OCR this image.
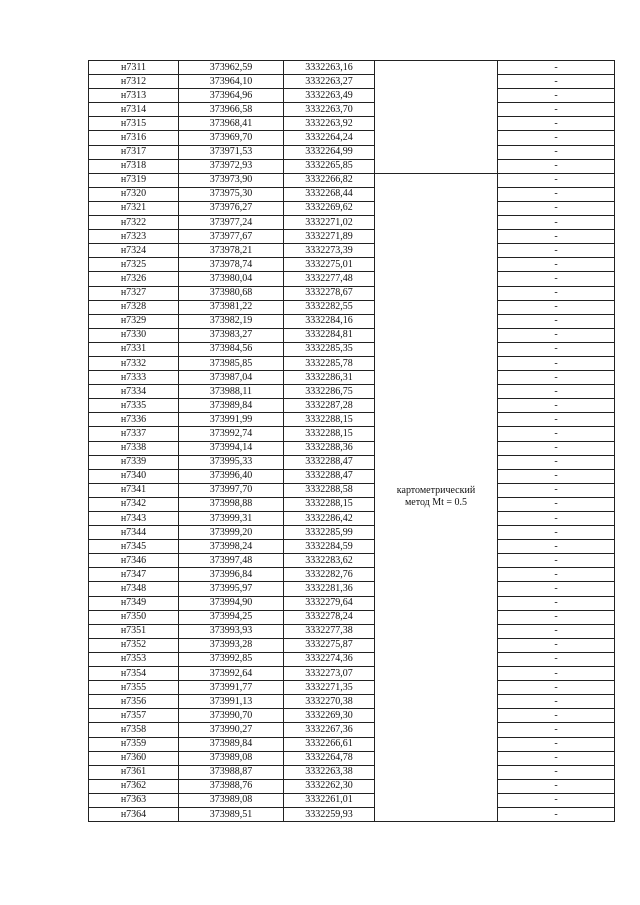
н7311	373962,59	3332263,16		-
н7312	373964,10	3332263,27		-
н7313	373964,96	3332263,49		-
н7314	373966,58	3332263,70		-
н7315	373968,41	3332263,92		-
н7316	373969,70	3332264,24		-
н7317	373971,53	3332264,99		-
н7318	373972,93	3332265,85		-
н7319	373973,90	3332266,82	картометрический
метод Mt = 0.5	-
н7320	373975,30	3332268,44		-
н7321	373976,27	3332269,62		-
н7322	373977,24	3332271,02		-
н7323	373977,67	3332271,89		-
н7324	373978,21	3332273,39		-
н7325	373978,74	3332275,01		-
н7326	373980,04	3332277,48		-
н7327	373980,68	3332278,67		-
н7328	373981,22	3332282,55		-
н7329	373982,19	3332284,16		-
н7330	373983,27	3332284,81		-
н7331	373984,56	3332285,35		-
н7332	373985,85	3332285,78		-
н7333	373987,04	3332286,31		-
н7334	373988,11	3332286,75		-
н7335	373989,84	3332287,28		-
н7336	373991,99	3332288,15		-
н7337	373992,74	3332288,15		-
н7338	373994,14	3332288,36		-
н7339	373995,33	3332288,47		-
н7340	373996,40	3332288,47		-
н7341	373997,70	3332288,58		-
н7342	373998,88	3332288,15		-
н7343	373999,31	3332286,42		-
н7344	373999,20	3332285,99		-
н7345	373998,24	3332284,59		-
н7346	373997,48	3332283,62		-
н7347	373996,84	3332282,76		-
н7348	373995,97	3332281,36		-
н7349	373994,90	3332279,64		-
н7350	373994,25	3332278,24		-
н7351	373993,93	3332277,38		-
н7352	373993,28	3332275,87		-
н7353	373992,85	3332274,36		-
н7354	373992,64	3332273,07		-
н7355	373991,77	3332271,35		-
н7356	373991,13	3332270,38		-
н7357	373990,70	3332269,30		-
н7358	373990,27	3332267,36		-
н7359	373989,84	3332266,61		-
н7360	373989,08	3332264,78		-
н7361	373988,87	3332263,38		-
н7362	373988,76	3332262,30		-
н7363	373989,08	3332261,01		-
н7364	373989,51	3332259,93		-
